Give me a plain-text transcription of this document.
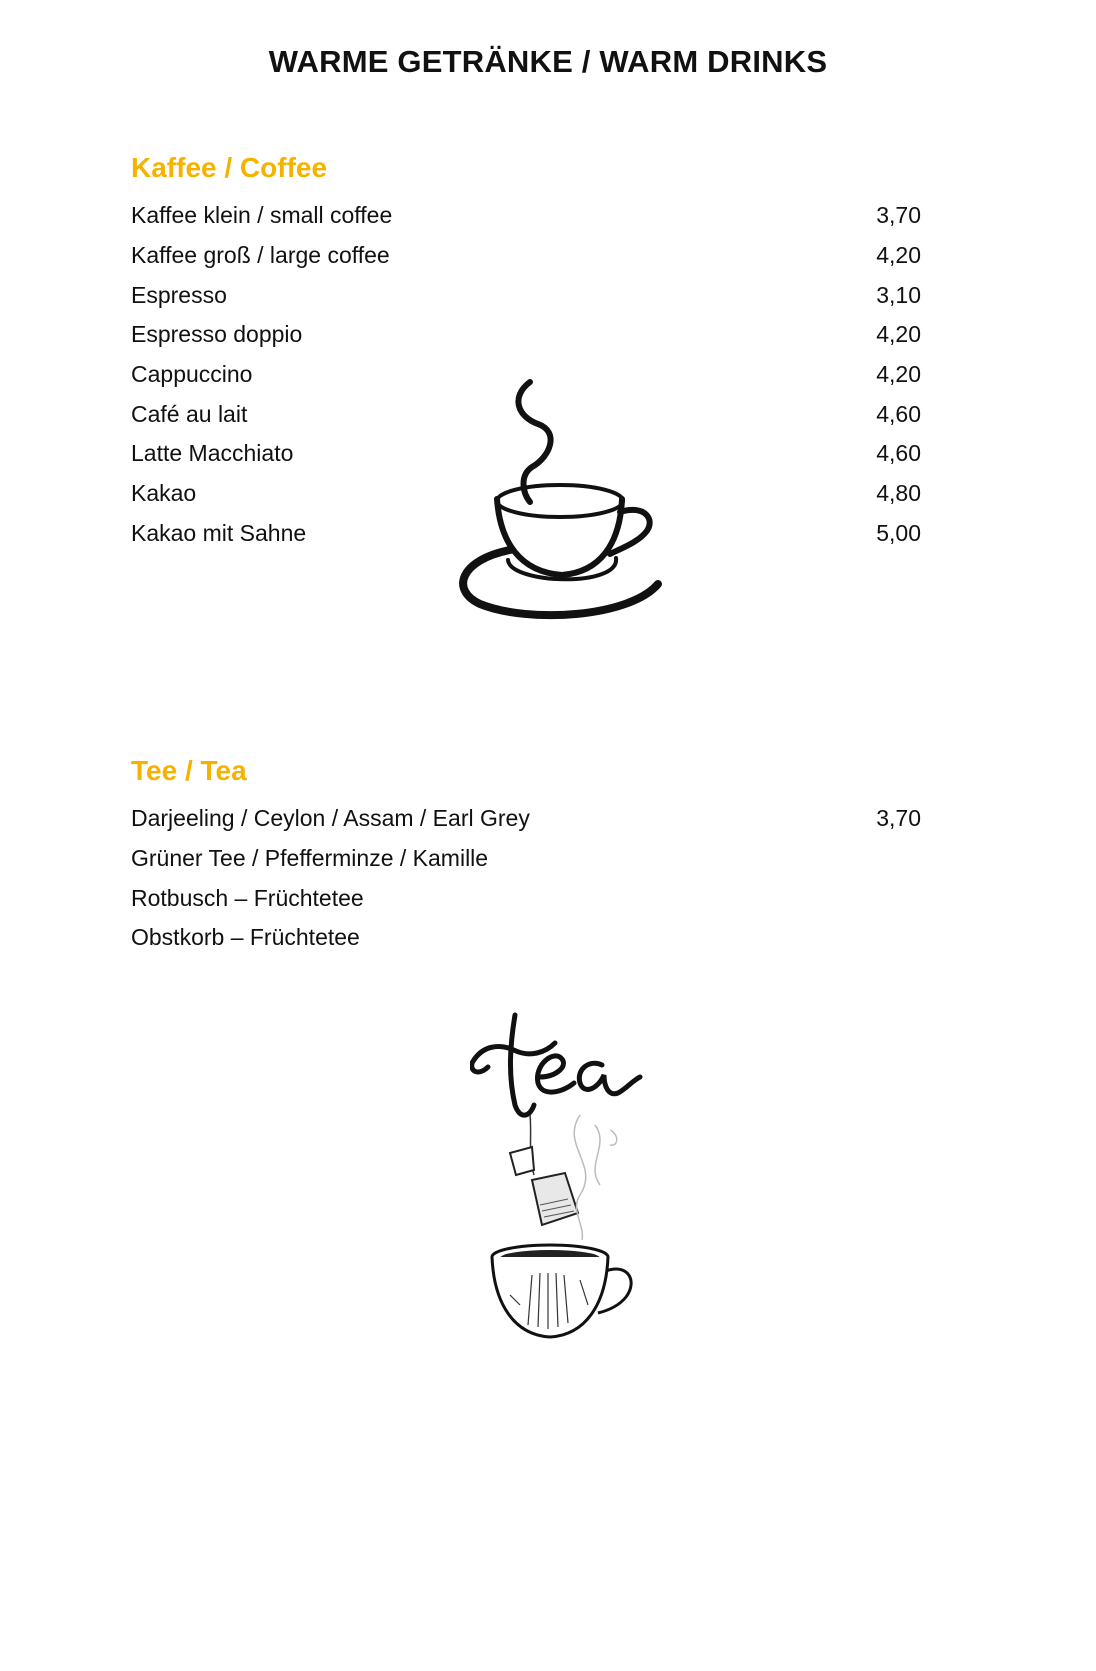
WARME GETRÄNKE / WARM DRINKS
Kaffee / Coffee
Kaffee klein / small coffee	3,70
Kaffee groß / large coffee	4,20
Espresso	3,10
Espresso doppio	4,20
Cappuccino	4,20
Café au lait	4,60
Latte Macchiato	4,60
Kakao	4,80
Kakao mit Sahne	5,00
Tee / Tea
Darjeeling / Ceylon / Assam / Earl Grey	3,70
Grüner Tee / Pfefferminze / Kamille
Rotbusch – Früchtetee
Obstkorb – Früchtetee
